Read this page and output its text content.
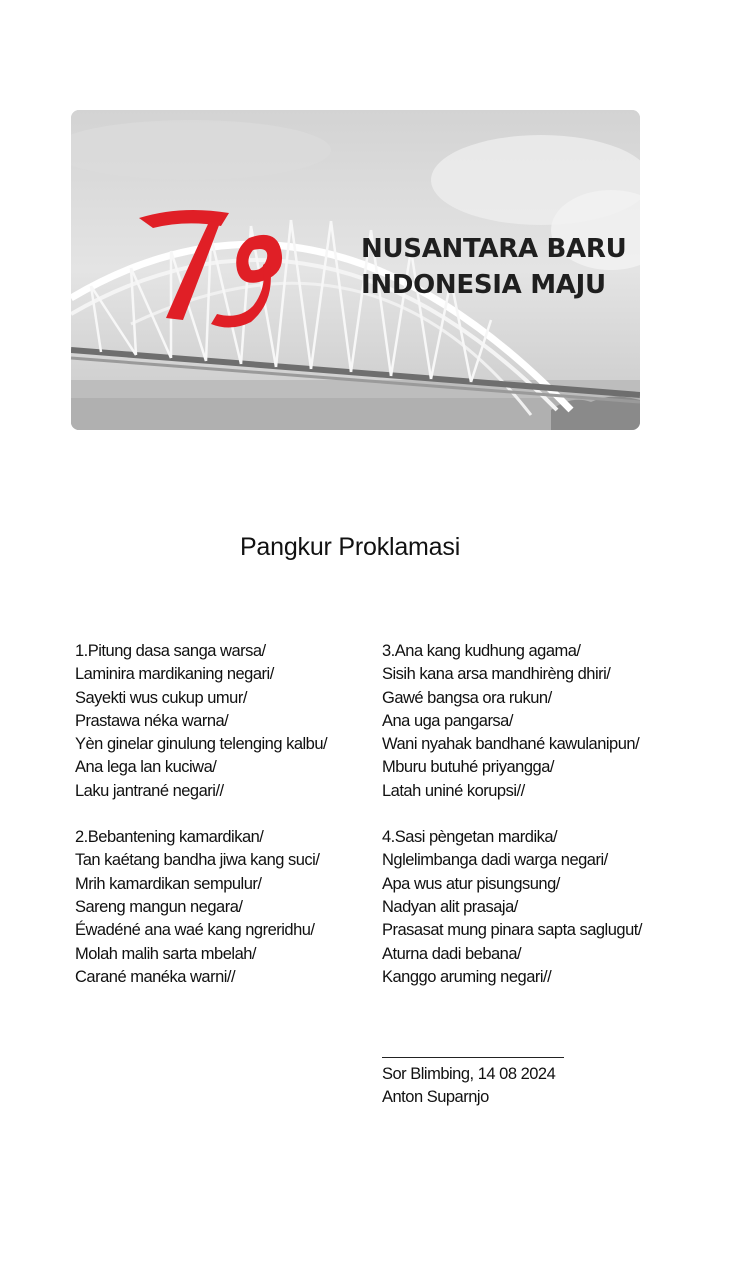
NUSANTARA BARU
INDONESIA MAJU
Pangkur Proklamasi
1.Pitung dasa sanga warsa/
Laminira mardikaning negari/
Sayekti wus cukup umur/
Prastawa néka warna/
Yèn ginelar ginulung telenging kalbu/
Ana lega lan kuciwa/
Laku jantrané negari//
2.Bebantening kamardikan/
Tan kaétang bandha jiwa kang suci/
Mrih kamardikan sempulur/
Sareng mangun negara/
Éwadéné ana waé kang ngreridhu/
Molah malih sarta mbelah/
Carané manéka warni//
3.Ana kang kudhung agama/
Sisih kana arsa mandhirèng dhiri/
Gawé bangsa ora rukun/
Ana uga pangarsa/
Wani nyahak bandhané kawulanipun/
Mburu butuhé priyangga/
Latah uniné korupsi//
4.Sasi pèngetan mardika/
Nglelimbanga dadi warga negari/
Apa wus atur pisungsung/
Nadyan alit prasaja/
Prasasat mung pinara sapta saglugut/
Aturna dadi bebana/
Kanggo aruming negari//
Sor Blimbing, 14 08 2024
Anton Suparnjo
